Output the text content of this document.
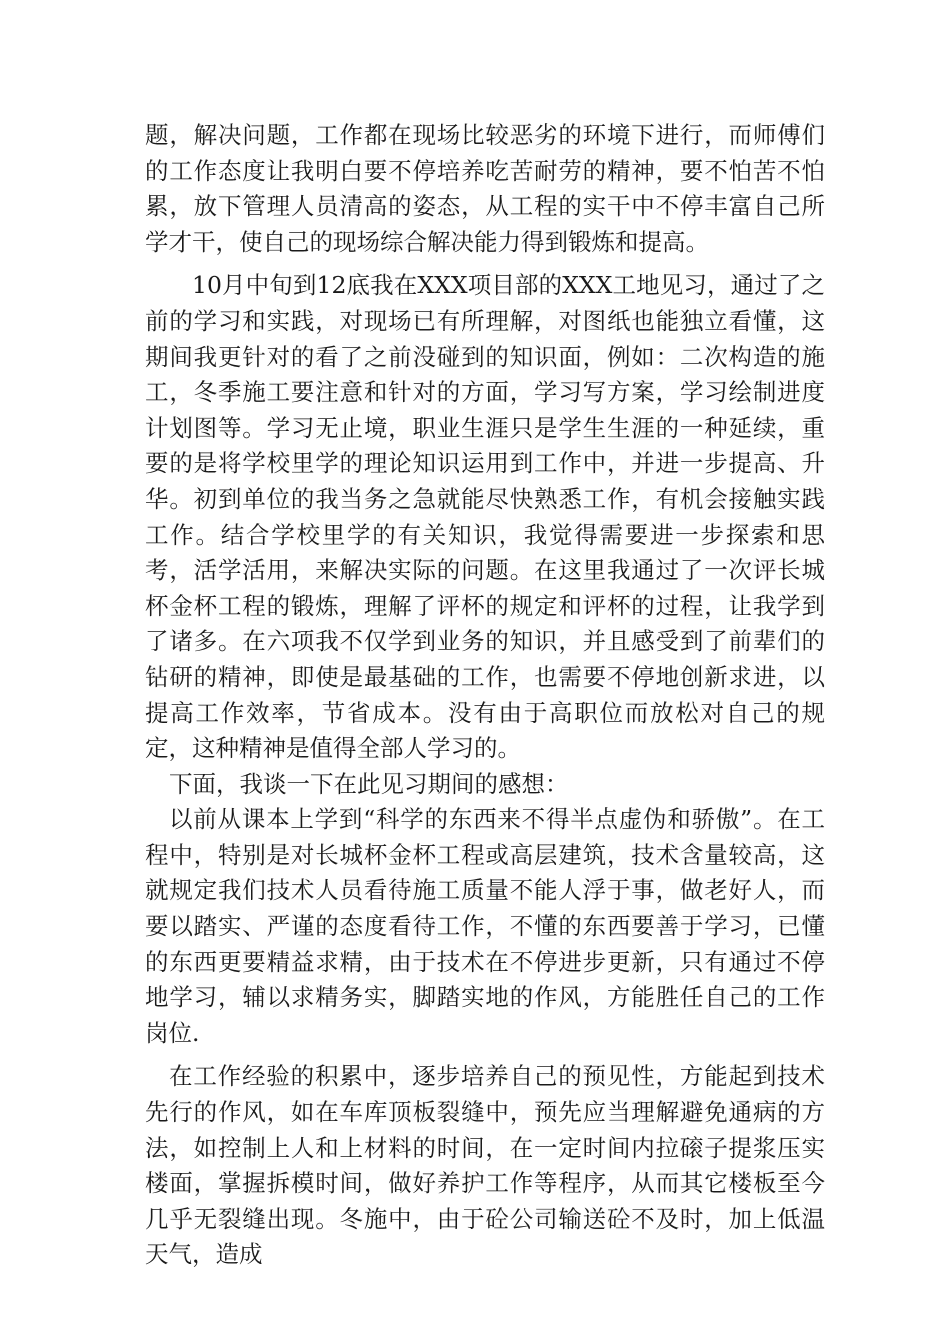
题，解决问题，工作都在现场比较恶劣的环境下进行，而师傅们的工作态度让我明白要不停培养吃苦耐劳的精神，要不怕苦不怕累，放下管理人员清高的姿态，从工程的实干中不停丰富自己所学才干，使自己的现场综合解决能力得到锻炼和提高。

10月中旬到12底我在XXX项目部的XXX工地见习，通过了之前的学习和实践，对现场已有所理解，对图纸也能独立看懂，这期间我更针对的看了之前没碰到的知识面，例如：二次构造的施工，冬季施工要注意和针对的方面，学习写方案，学习绘制进度计划图等。学习无止境，职业生涯只是学生生涯的一种延续，重要的是将学校里学的理论知识运用到工作中，并进一步提高、升华。初到单位的我当务之急就能尽快熟悉工作，有机会接触实践工作。结合学校里学的有关知识，我觉得需要进一步探索和思考，活学活用，来解决实际的问题。在这里我通过了一次评长城杯金杯工程的锻炼，理解了评杯的规定和评杯的过程，让我学到了诸多。在六项我不仅学到业务的知识，并且感受到了前辈们的钻研的精神，即使是最基础的工作，也需要不停地创新求进，以提高工作效率，节省成本。没有由于高职位而放松对自己的规定，这种精神是值得全部人学习的。

下面，我谈一下在此见习期间的感想：

以前从课本上学到“科学的东西来不得半点虚伪和骄傲”。在工程中，特别是对长城杯金杯工程或高层建筑，技术含量较高，这就规定我们技术人员看待施工质量不能人浮于事，做老好人，而要以踏实、严谨的态度看待工作，不懂的东西要善于学习，已懂的东西更要精益求精，由于技术在不停进步更新，只有通过不停地学习，辅以求精务实，脚踏实地的作风，方能胜任自己的工作岗位.

在工作经验的积累中，逐步培养自己的预见性，方能起到技术先行的作风，如在车库顶板裂缝中，预先应当理解避免通病的方法，如控制上人和上材料的时间，在一定时间内拉磙子提浆压实楼面，掌握拆模时间，做好养护工作等程序，从而其它楼板至今几乎无裂缝出现。冬施中，由于砼公司输送砼不及时，加上低温天气，造成
